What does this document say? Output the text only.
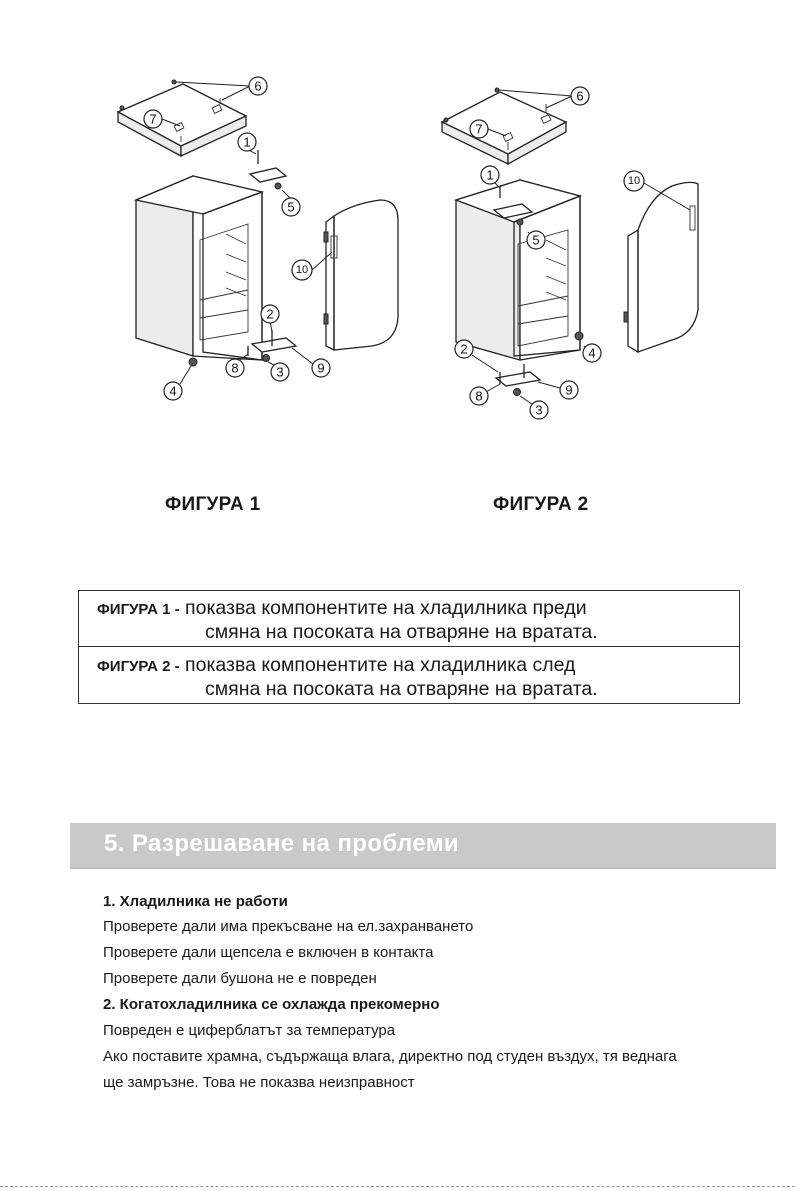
6
7
1
5
10
2
9
8	3
4
6
7
1
5
10
4
2
9
8
3
ФИГУРА 1	ФИГУРА 2
ФИГУРА 1 - показва компонентите на хладилника преди
смяна на посоката на отваряне на вратата.
ФИГУРА 2 - показва компонентите на хладилника след
смяна на посоката на отваряне на вратата.
5. Разрешаване на проблеми
1. Хладилника не работи
Проверете дали има прекъсване на ел.захранването
Проверете дали щепсела е включен в контакта
Проверете дали бушона не е повреден
2. Когатохладилника се охлажда прекомерно
Повреден е циферблатът за температура
Ако поставите храмна, съдържаща влага, директно под студен въздух, тя веднага
ще замръзне. Това не показва неизправност
